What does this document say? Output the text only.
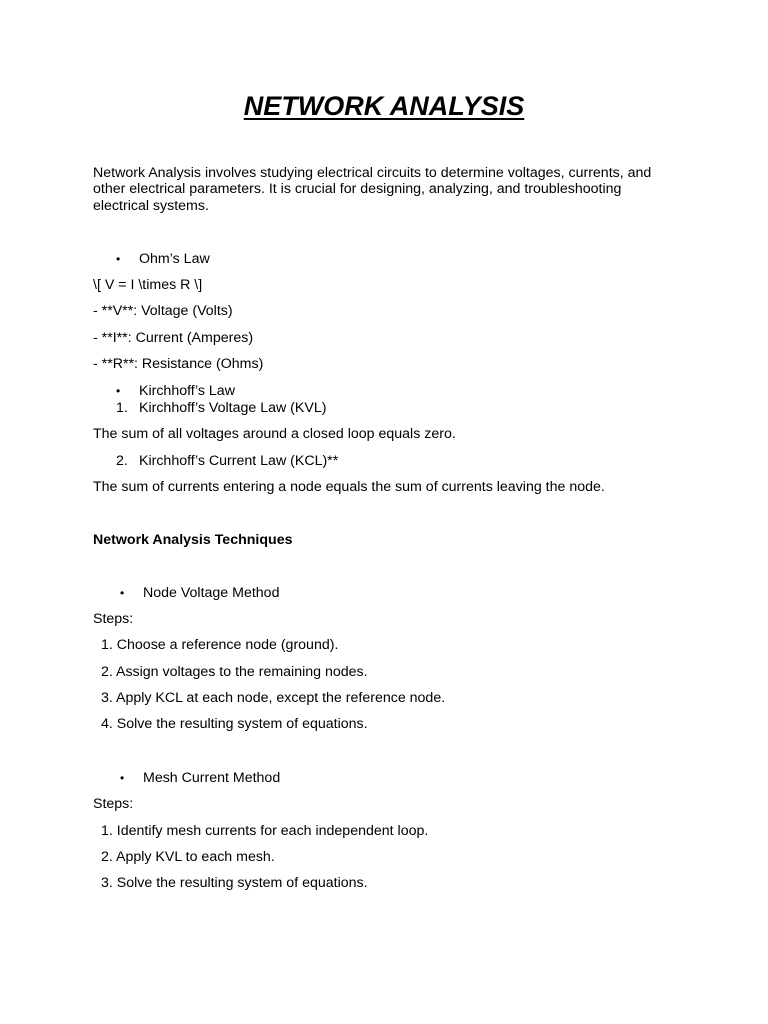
NETWORK ANALYSIS
Network Analysis involves studying electrical circuits to determine voltages, currents, and other electrical parameters. It is crucial for designing, analyzing, and troubleshooting electrical systems.
• Ohm’s Law
\[ V = I \times R \]
- **V**: Voltage (Volts)
- **I**: Current (Amperes)
- **R**: Resistance (Ohms)
• Kirchhoff’s Law
1. Kirchhoff’s Voltage Law (KVL)
The sum of all voltages around a closed loop equals zero.
2. Kirchhoff’s Current Law (KCL)**
The sum of currents entering a node equals the sum of currents leaving the node.
Network Analysis Techniques
• Node Voltage Method
Steps:
1. Choose a reference node (ground).
2. Assign voltages to the remaining nodes.
3. Apply KCL at each node, except the reference node.
4. Solve the resulting system of equations.
• Mesh Current Method
Steps:
1. Identify mesh currents for each independent loop.
2. Apply KVL to each mesh.
3. Solve the resulting system of equations.
